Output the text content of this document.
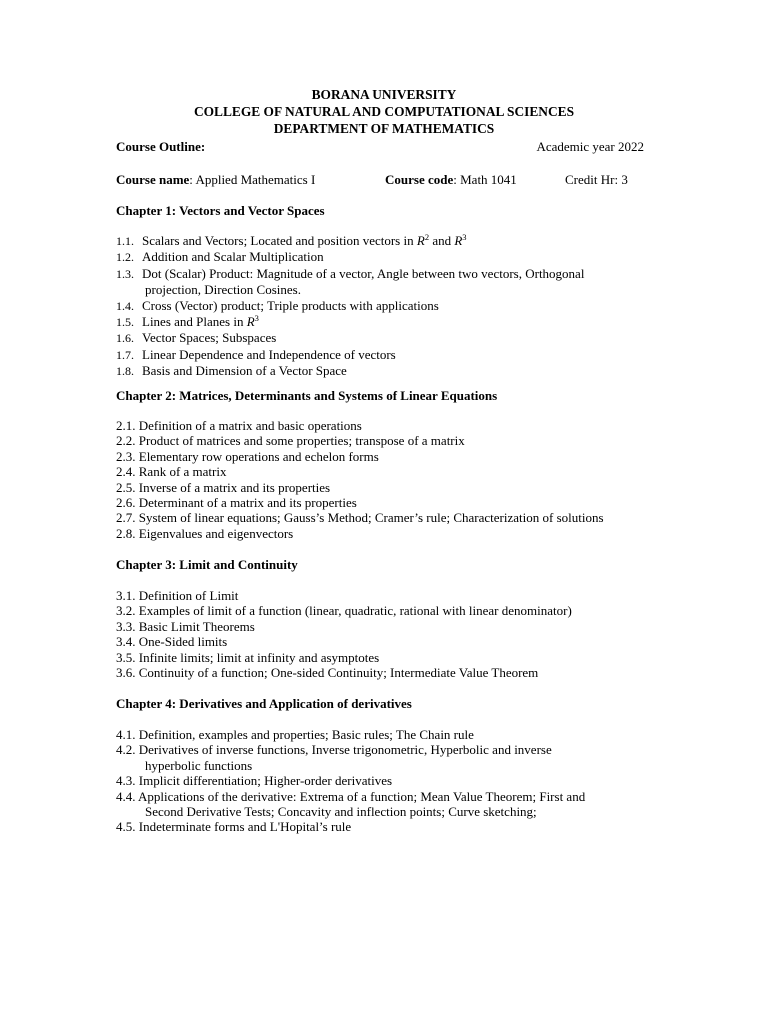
BORANA UNIVERSITY
COLLEGE OF NATURAL AND COMPUTATIONAL SCIENCES
DEPARTMENT OF MATHEMATICS
Course Outline:	Academic year 2022
Course name: Applied Mathematics I	Course code: Math 1041	Credit Hr: 3
Chapter 1: Vectors and Vector Spaces
1.1. Scalars and Vectors; Located and position vectors in $R^2$ and $R^3$
1.2. Addition and Scalar Multiplication
1.3. Dot (Scalar) Product: Magnitude of a vector, Angle between two vectors, Orthogonal
projection, Direction Cosines.
1.4. Cross (Vector) product; Triple products with applications
1.5. Lines and Planes in $R^3$
1.6. Vector Spaces; Subspaces
1.7. Linear Dependence and Independence of vectors
1.8. Basis and Dimension of a Vector Space
Chapter 2: Matrices, Determinants and Systems of Linear Equations
2.1. Definition of a matrix and basic operations
2.2. Product of matrices and some properties; transpose of a matrix
2.3. Elementary row operations and echelon forms
2.4. Rank of a matrix
2.5. Inverse of a matrix and its properties
2.6. Determinant of a matrix and its properties
2.7. System of linear equations; Gauss’s Method; Cramer’s rule; Characterization of solutions
2.8. Eigenvalues and eigenvectors
Chapter 3: Limit and Continuity
3.1. Definition of Limit
3.2. Examples of limit of a function (linear, quadratic, rational with linear denominator)
3.3. Basic Limit Theorems
3.4. One-Sided limits
3.5. Infinite limits; limit at infinity and asymptotes
3.6. Continuity of a function; One-sided Continuity; Intermediate Value Theorem
Chapter 4: Derivatives and Application of derivatives
4.1. Definition, examples and properties; Basic rules; The Chain rule
4.2. Derivatives of inverse functions, Inverse trigonometric, Hyperbolic and inverse
hyperbolic functions
4.3. Implicit differentiation; Higher-order derivatives
4.4. Applications of the derivative: Extrema of a function; Mean Value Theorem; First and
Second Derivative Tests; Concavity and inflection points; Curve sketching;
4.5. Indeterminate forms and L'Hopital’s rule
